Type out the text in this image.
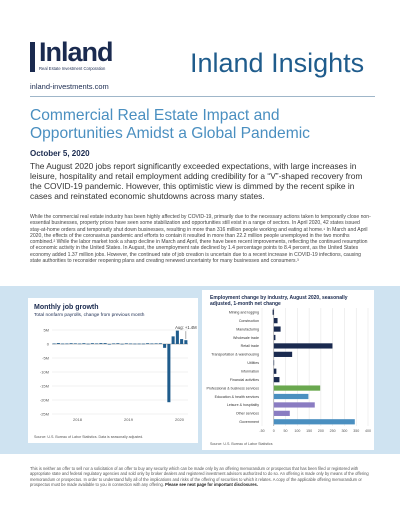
Inland
Real Estate Investment Corporation
inland-investments.com
Inland Insights
Commercial Real Estate Impact and Opportunities Amidst a Global Pandemic
October 5, 2020

The August 2020 jobs report significantly exceeded expectations, with large increases in leisure, hospitality and retail employment adding credibility for a “V”-shaped recovery from the COVID-19 pandemic. However, this optimistic view is dimmed by the recent spike in cases and reinstated economic shutdowns across many states.

While the commercial real estate industry has been highly affected by COVID-19, primarily due to the necessary actions taken to temporarily close non-essential businesses, property prices have seen some stabilization and opportunities still exist in a range of sectors. In April 2020, 42 states issued stay-at-home orders and temporarily shut down businesses, resulting in more than 316 million people working and eating at home.¹ In March and April 2020, the effects of the coronavirus pandemic and efforts to contain it resulted in more than 22.2 million people unemployed in the two months combined.² While the labor market took a sharp decline in March and April, there have been recent improvements, reflecting the continued resumption of economic activity in the United States. In August, the unemployment rate declined by 1.4 percentage points to 8.4 percent, as the United States economy added 1.37 million jobs. However, the continued rate of job creation is uncertain due to a recent increase in COVID-19 infections, causing state authorities to reconsider reopening plans and creating renewed uncertainty for many businesses and consumers.³

Monthly job growth
Total nonfarm payrolls, change from previous month
5M
0
-5M
-10M
-15M
-20M
-25M
2018	2019	2020
Aug: +1.4M
Source: U.S. Bureau of Labor Statistics. Data is seasonally adjusted.
Employment change by industry, August 2020, seasonally adjusted, 1-month net change
-50 0 50 100 150 200 250 300 350 400
Mining and logging
Construction
Manufacturing
Wholesale trade
Retail trade
Transportation & warehousing
Utilities
Information
Financial activities
Professional & business services
Education & health services
Leisure & hospitality
Other services
Government
Source: U.S. Bureau of Labor Statistics
This is neither an offer to sell nor a solicitation of an offer to buy any security which can be made only by an offering memorandum or prospectus that has been filed or registered with appropriate state and federal regulatory agencies and sold only by broker dealers and registered investment advisors authorized to do so. An offering is made only by means of the offering memorandum or prospectus. In order to understand fully all of the implications and risks of the offering of securities to which it relates. A copy of the applicable offering memorandum or prospectus must be made available to you in connection with any offering. Please see next page for important disclosures.
